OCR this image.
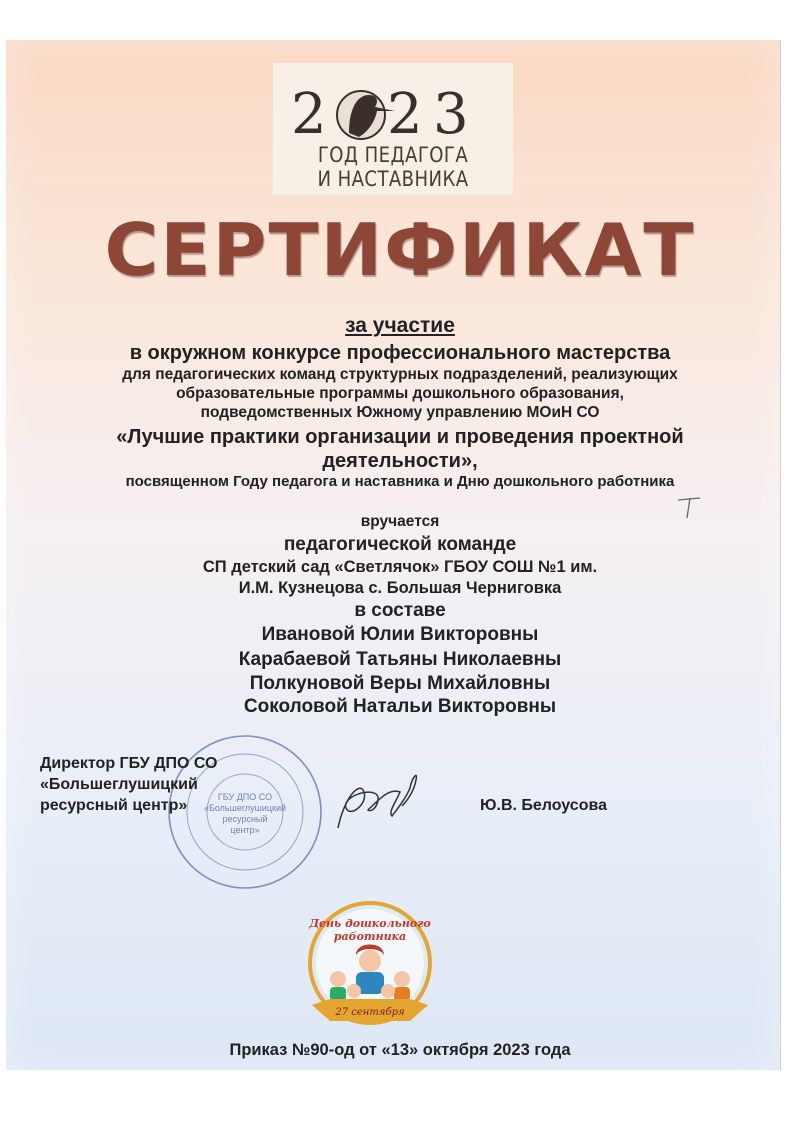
2 2 3
ГОД ПЕДАГОГА
И НАСТАВНИКА
СЕРТИФИКАТ
за участие
в окружном конкурсе профессионального мастерства
для педагогических команд структурных подразделений, реализующих
образовательные программы дошкольного образования,
подведомственных Южному управлению МОиН СО
«Лучшие практики организации и проведения проектной
деятельности»,
посвященном Году педагога и наставника и Дню дошкольного работника
вручается
педагогической команде
СП детский сад «Светлячок» ГБОУ СОШ №1 им.
И.М. Кузнецова с. Большая Черниговка
в составе
Ивановой Юлии Викторовны
Карабаевой Татьяны Николаевны
Полкуновой Веры Михайловны
Соколовой Натальи Викторовны
ГБУ ДПО СО
«Большеглушицкий
ресурсный
центр»
Директор ГБУ ДПО СО
«Большеглушицкий
ресурсный центр»	Ю.В. Белоусова
День дошкольного
работника
27 сентября
Приказ №90-од от «13» октября 2023 года
